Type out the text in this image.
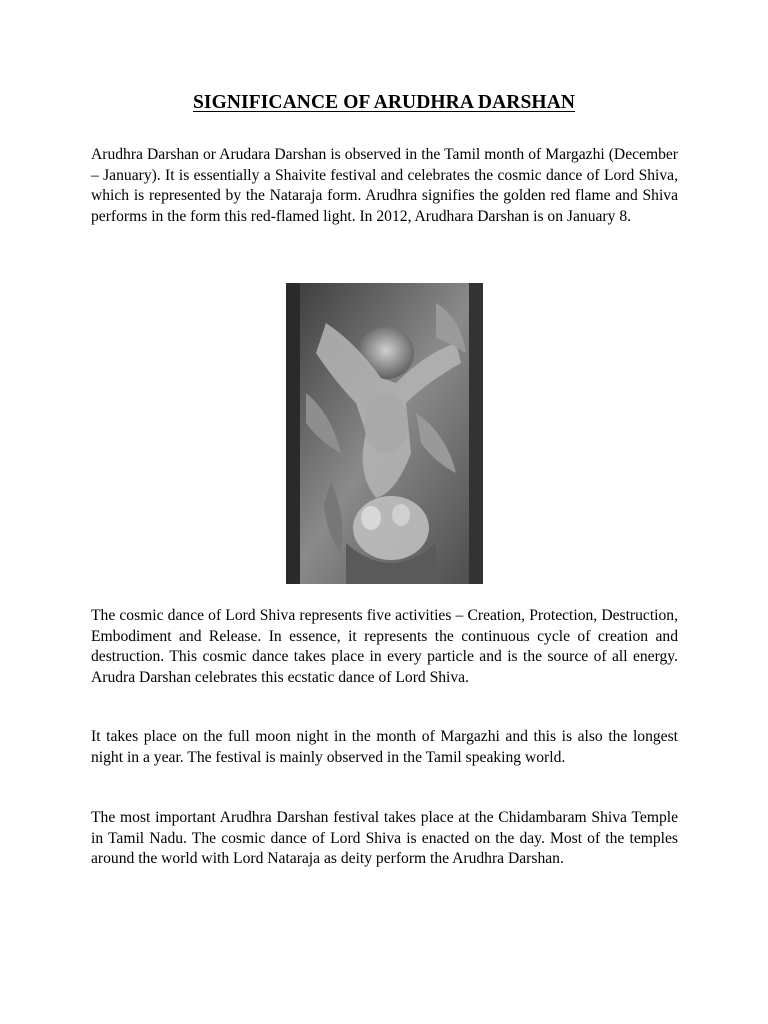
SIGNIFICANCE OF ARUDHRA DARSHAN

Arudhra Darshan or Arudara Darshan is observed in the Tamil month of Margazhi (December – January). It is essentially a Shaivite festival and celebrates the cosmic dance of Lord Shiva, which is represented by the Nataraja form. Arudhra signifies the golden red flame and Shiva performs in the form this red-flamed light. In 2012, Arudhara Darshan is on January 8.

The cosmic dance of Lord Shiva represents five activities – Creation, Protection, Destruction, Embodiment and Release. In essence, it represents the continuous cycle of creation and destruction. This cosmic dance takes place in every particle and is the source of all energy. Arudra Darshan celebrates this ecstatic dance of Lord Shiva.

It takes place on the full moon night in the month of Margazhi and this is also the longest night in a year. The festival is mainly observed in the Tamil speaking world.

The most important Arudhra Darshan festival takes place at the Chidambaram Shiva Temple in Tamil Nadu. The cosmic dance of Lord Shiva is enacted on the day. Most of the temples around the world with Lord Nataraja as deity perform the Arudhra Darshan.
